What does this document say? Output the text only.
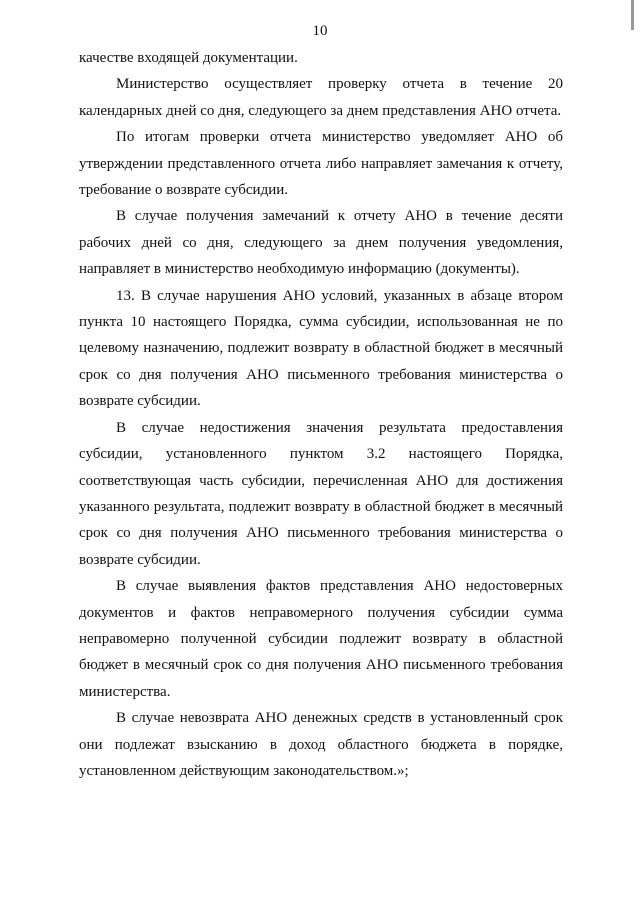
10

качестве входящей документации.

Министерство осуществляет проверку отчета в течение 20 календарных дней со дня, следующего за днем представления АНО отчета.

По итогам проверки отчета министерство уведомляет АНО об утверждении представленного отчета либо направляет замечания к отчету, требование о возврате субсидии.

В случае получения замечаний к отчету АНО в течение десяти рабочих дней со дня, следующего за днем получения уведомления, направляет в министерство необходимую информацию (документы).

13. В случае нарушения АНО условий, указанных в абзаце втором пункта 10 настоящего Порядка, сумма субсидии, использованная не по целевому назначению, подлежит возврату в областной бюджет в месячный срок со дня получения АНО письменного требования министерства о возврате субсидии.

В случае недостижения значения результата предоставления субсидии, установленного пунктом 3.2 настоящего Порядка, соответствующая часть субсидии, перечисленная АНО для достижения указанного результата, подлежит возврату в областной бюджет в месячный срок со дня получения АНО письменного требования министерства о возврате субсидии.

В случае выявления фактов представления АНО недостоверных документов и фактов неправомерного получения субсидии сумма неправомерно полученной субсидии подлежит возврату в областной бюджет в месячный срок со дня получения АНО письменного требования министерства.

В случае невозврата АНО денежных средств в установленный срок они подлежат взысканию в доход областного бюджета в порядке, установленном действующим законодательством.»;
